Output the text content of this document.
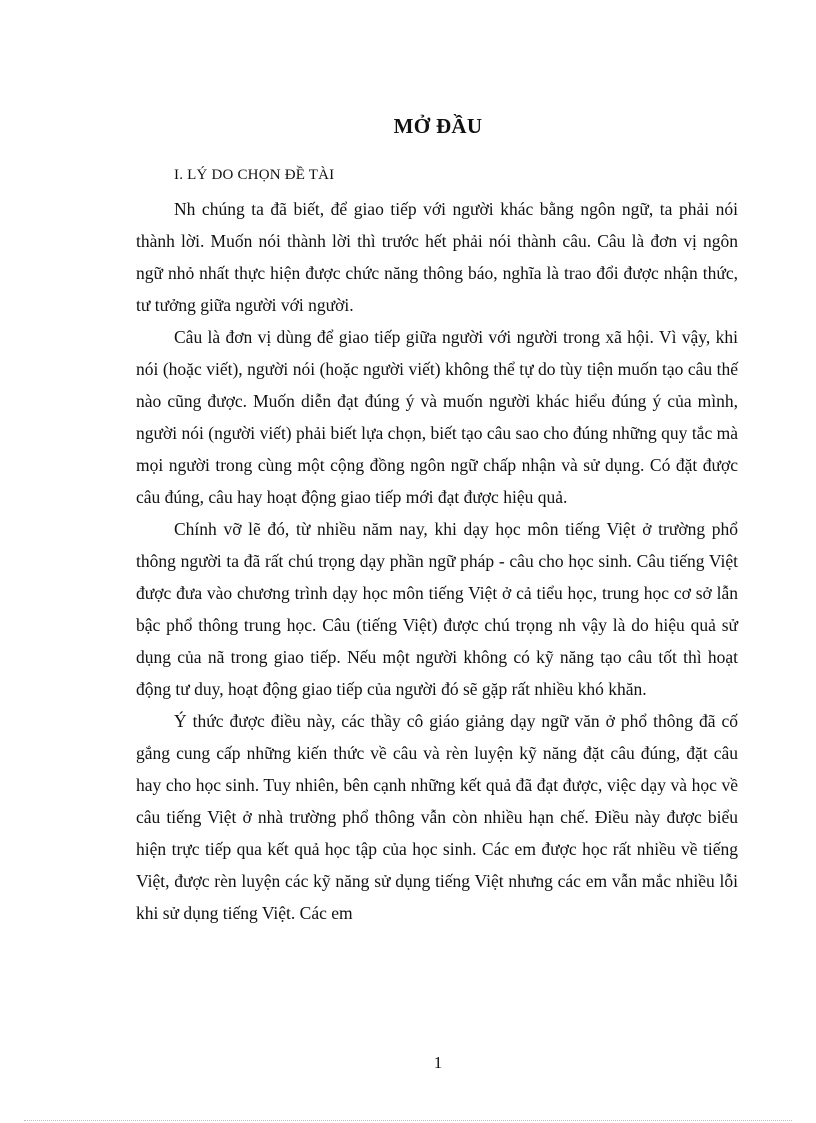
MỞ ĐẦU
I. LÝ DO CHỌN ĐỀ TÀI

Nh chúng ta đã biết, để giao tiếp với người khác bằng ngôn ngữ, ta phải nói thành lời. Muốn nói thành lời thì trước hết phải nói thành câu. Câu là đơn vị ngôn ngữ nhỏ nhất thực hiện được chức năng thông báo, nghĩa là trao đổi được nhận thức, tư tưởng giữa người với người.

Câu là đơn vị dùng để giao tiếp giữa người với người trong xã hội. Vì vậy, khi nói (hoặc viết), người nói (hoặc người viết) không thể tự do tùy tiện muốn tạo câu thế nào cũng được. Muốn diễn đạt đúng ý và muốn người khác hiểu đúng ý của mình, người nói (người viết) phải biết lựa chọn, biết tạo câu sao cho đúng những quy tắc mà mọi người trong cùng một cộng đồng ngôn ngữ chấp nhận và sử dụng. Có đặt được câu đúng, câu hay hoạt động giao tiếp mới đạt được hiệu quả.

Chính vỡ lẽ đó, từ nhiều năm nay, khi dạy học môn tiếng Việt ở trường phổ thông người ta đã rất chú trọng dạy phần ngữ pháp - câu cho học sinh. Câu tiếng Việt được đưa vào chương trình dạy học môn tiếng Việt ở cả tiểu học, trung học cơ sở lẫn bậc phổ thông trung học. Câu (tiếng Việt) được chú trọng nh vậy là do hiệu quả sử dụng của nã trong giao tiếp. Nếu một người không có kỹ năng tạo câu tốt thì hoạt động tư duy, hoạt động giao tiếp của người đó sẽ gặp rất nhiều khó khăn.

Ý thức được điều này, các thầy cô giáo giảng dạy ngữ văn ở phổ thông đã cố gắng cung cấp những kiến thức về câu và rèn luyện kỹ năng đặt câu đúng, đặt câu hay cho học sinh. Tuy nhiên, bên cạnh những kết quả đã đạt được, việc dạy và học về câu tiếng Việt ở nhà trường phổ thông vẫn còn nhiều hạn chế. Điều này được biểu hiện trực tiếp qua kết quả học tập của học sinh. Các em được học rất nhiều về tiếng Việt, được rèn luyện các kỹ năng sử dụng tiếng Việt nhưng các em vẫn mắc nhiều lỗi khi sử dụng tiếng Việt. Các em

1
